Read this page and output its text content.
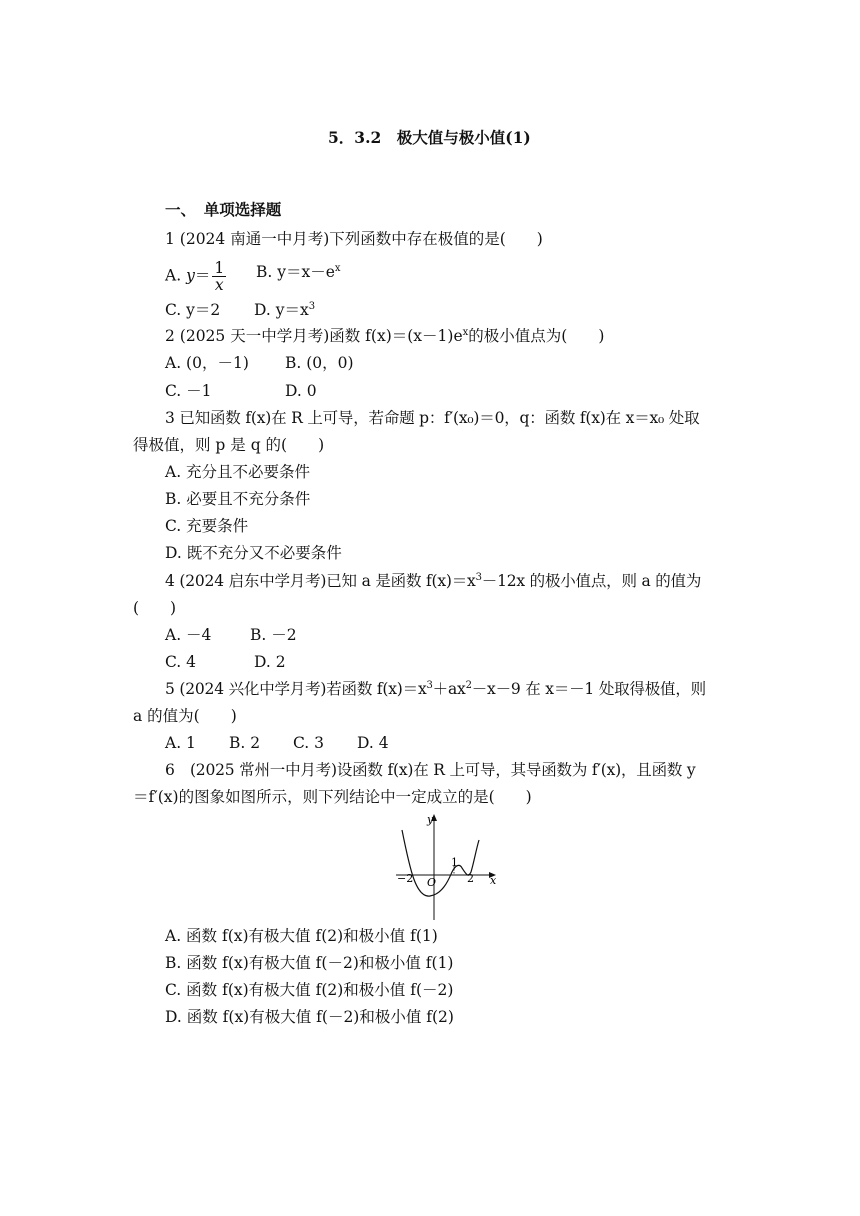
5．3.2　极大值与极小值(1)
一、　单项选择题
1 (2024 南通一中月考)下列函数中存在极值的是(　　)
A. $y= \frac{1}{x} B$. $y=x-e^x$
C. y＝2 D. $y=x^3$
2 (2025 天一中学月考)函数 $f(x)=(x-1)e^x$的极小值点为(　　)
A. (0，－1) B. (0，0)
C. －1	D. 0
3 已知函数 f(x)在 R 上可导，若命题 p：f′(x₀)＝0，q：函数 f(x)在 x＝x₀ 处取
得极值，则 p 是 q 的(　　)
A. 充分且不必要条件
B. 必要且不充分条件
C. 充要条件
D. 既不充分又不必要条件
4 (2024 启东中学月考)已知 a 是函数 $f(x)=x^3-12x$ 的极小值点，则 a 的值为
(　　)
A. －4 B. －2
C. 4	D. 2
5 (2024 兴化中学月考)若函数 $f(x)=x^3+ax^2-x-9$ 在 x＝－1 处取得极值，则
a 的值为(　　)
A. 1 B. 2 C. 3 D. 4
6　(2025 常州一中月考)设函数 f(x)在 R 上可导，其导函数为 f′(x)，且函数 y
＝f′(x)的图象如图所示，则下列结论中一定成立的是(　　)
y
x
O
−2
1
2
A. 函数 f(x)有极大值 f(2)和极小值 f(1)
B. 函数 f(x)有极大值 f(－2)和极小值 f(1)
C. 函数 f(x)有极大值 f(2)和极小值 f(－2)
D. 函数 f(x)有极大值 f(－2)和极小值 f(2)
